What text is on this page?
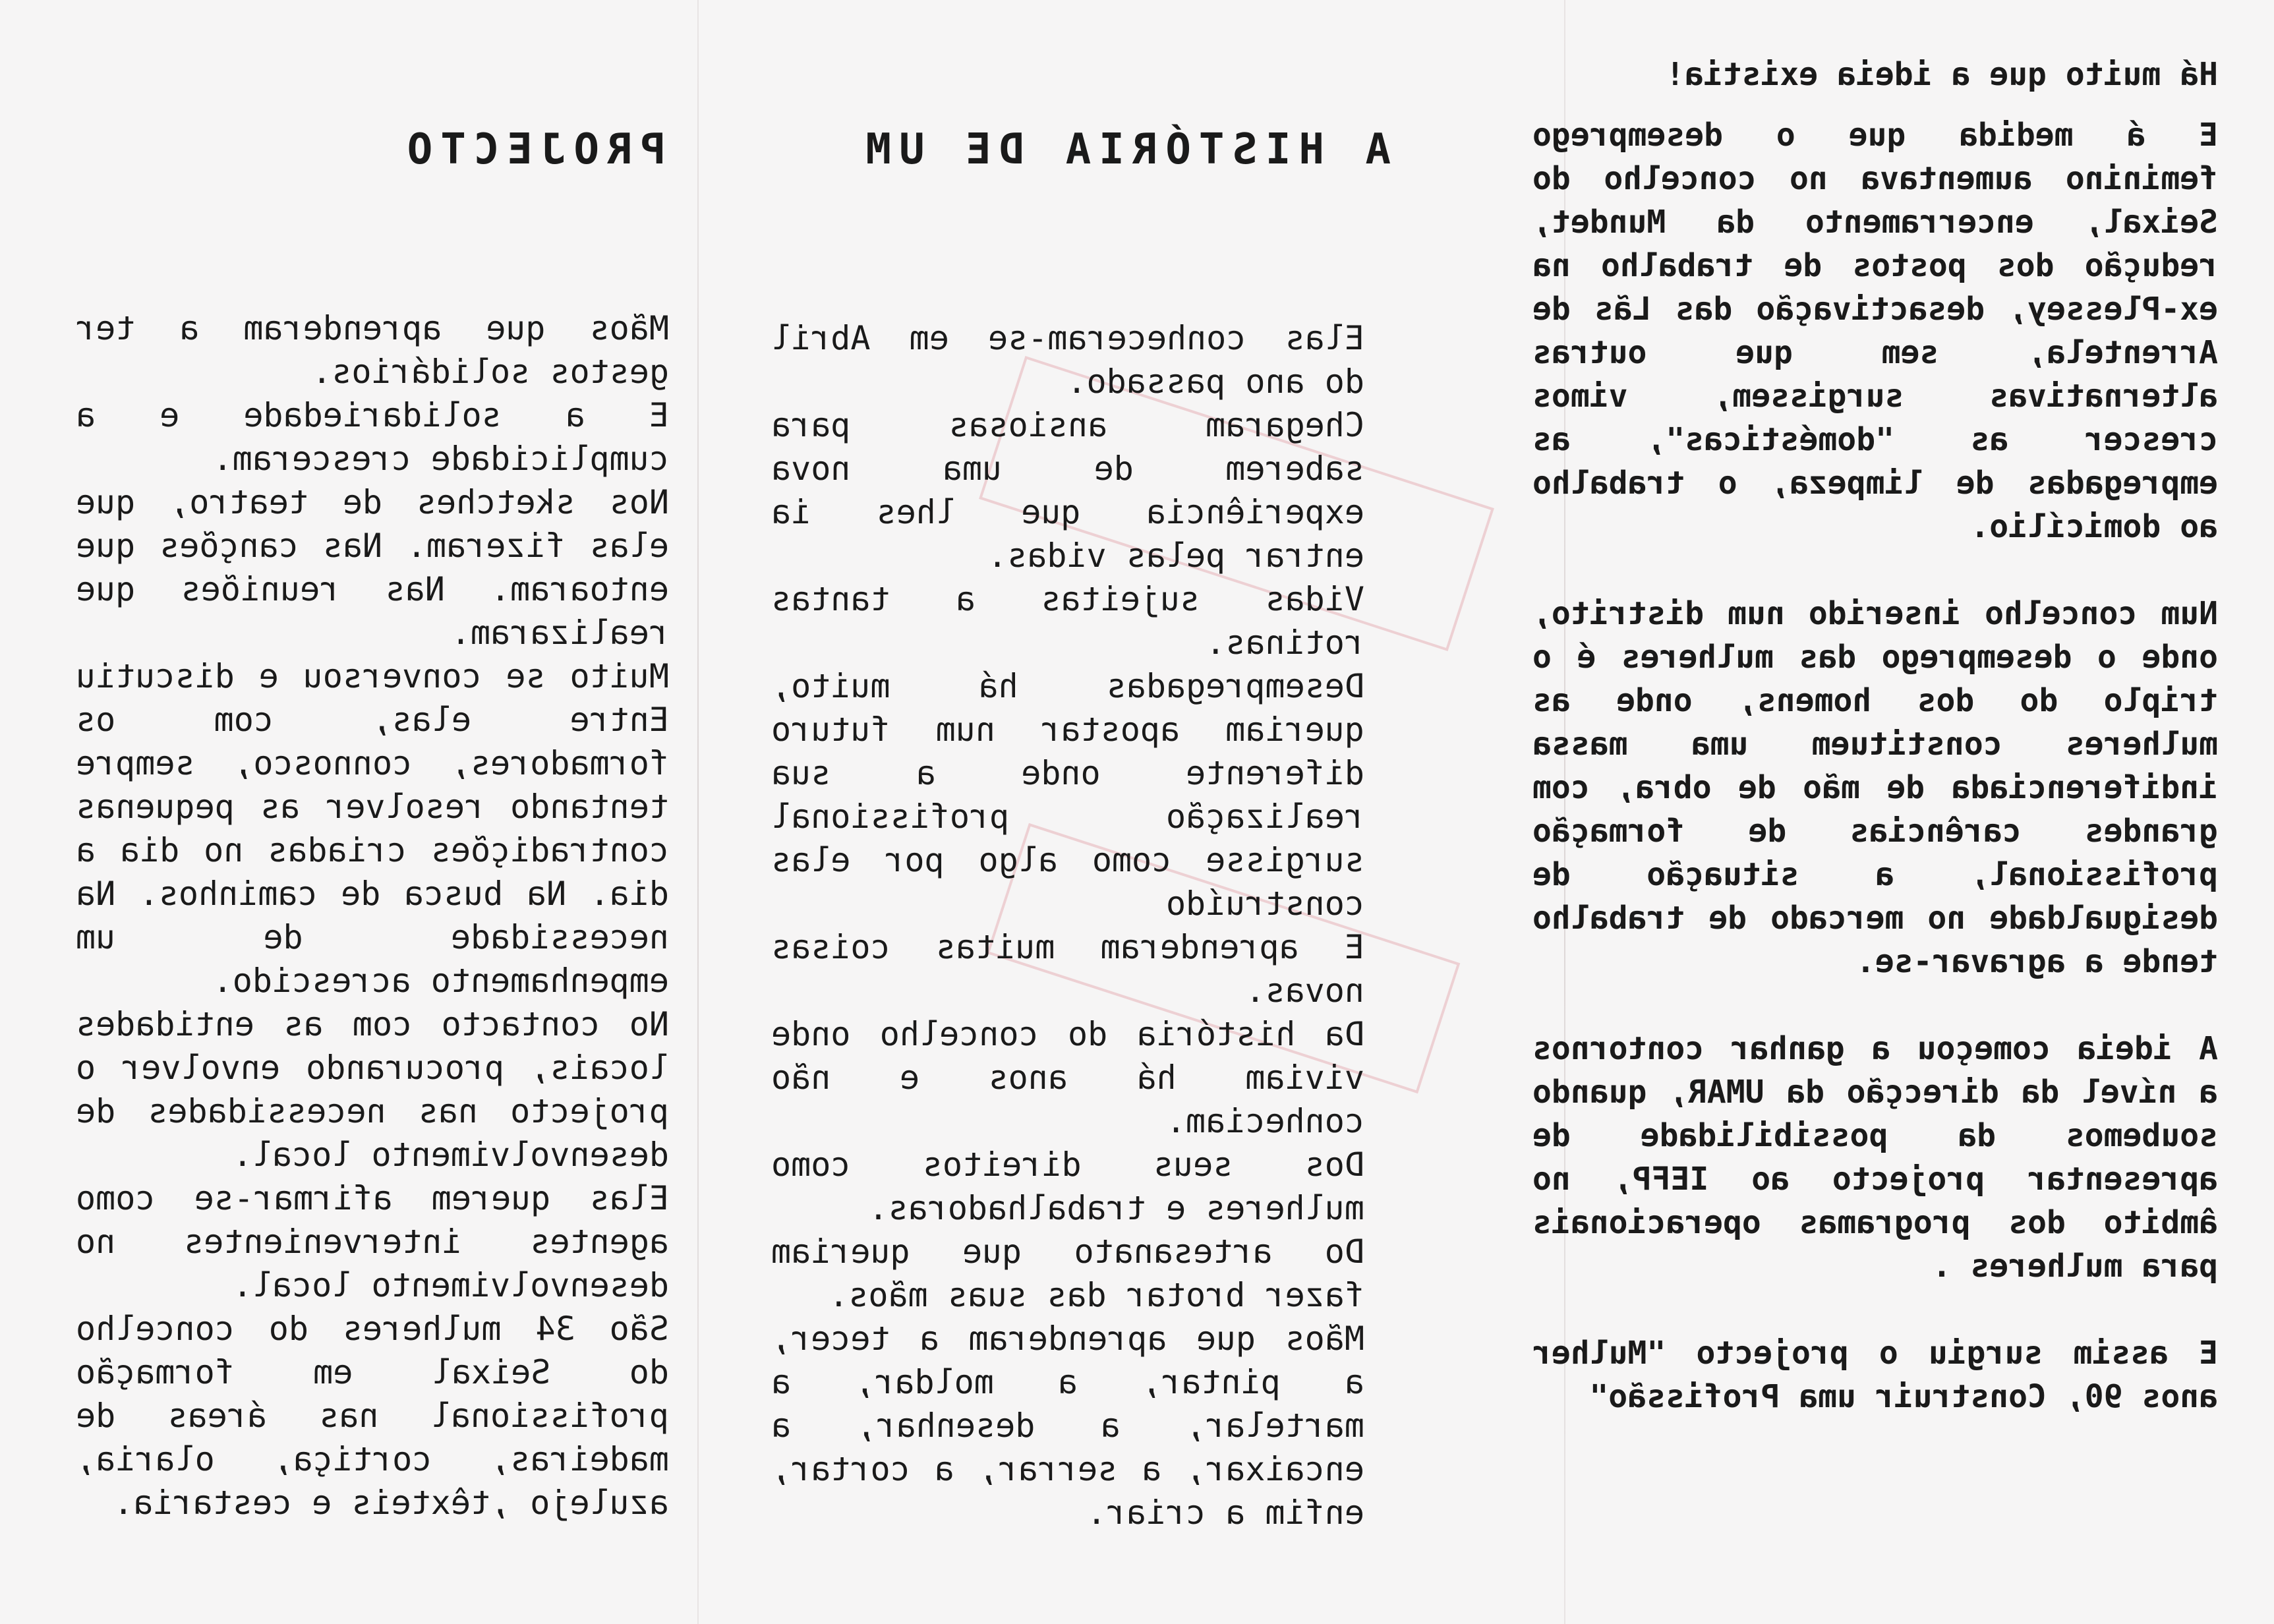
Há muito que a ideia existia!

E á medida que o desemprego feminino aumentava no concelho do Seixal, encerramento da Mundet, redução dos postos de trabalho na ex-Plessey, desactivação das Lãs de Arrentela, sem que outras alternativas surgissem, vimos crescer as "domésticas", as empregadas de limpeza, o trabalho ao domicílio.

Num concelho inserido num distrito, onde o desemprego das mulheres é o triplo do dos homens, onde as mulheres constituem uma massa indiferenciada de mão de obra, com grandes carências de formação profissional, a situação de desigualdade no mercado de trabalho tende a agravar-se.

A ideia começou a ganhar contornos a nível da direcção da UMAR, quando soubemos da possibilidade de apresentar projecto ao IEFP, no âmbito dos programas operacionais para mulheres .

E assim surgiu o projecto "Mulher anos 90, Construir uma Profissão"

A HISTÓRIA DE UM

Elas conheceram-se em Abril do ano passado.

Chegaram ansiosas para saberem de uma nova experiência que lhes ia entrar pelas vidas.

Vidas sujeitas a tantas rotinas.

Desempregadas há muito, queriam apostar num futuro diferente onde a sua realização profissional surgisse como algo por elas construído

E aprenderam muitas coisas novas.

Da história do concelho onde viviam há anos e não conheciam.

Dos seus direitos como mulheres e trabalhadoras.

Do artesanato que queriam fazer brotar das suas mãos.

Mãos que aprenderam a tecer, a pintar, a moldar, a martelar, a desenhar, a encaixar, a serrar, a cortar, enfim a criar.

PROJECTO

Mãos que aprenderam a ter gestos solidários.

E a solidariedade e a cumplicidade cresceram.

Nos sketches de teatro, que elas fizeram. Nas canções que entoaram. Nas reuniões que realizaram.

Muito se conversou e discutiu Entre elas, com os formadores, connosco, sempre tentando resolver as pequenas contradições criadas no dia a dia. Na busca de caminhos. Na necessidade de um empenhamento acrescido.

No contacto com as entidades locais, procurando envolver o projecto nas necessidades de desenvolvimento local.

Elas querem afirmar-se como agentes intervenientes no desenvolvimento local.

São 34 mulheres do concelho do Seixal em formação profissional nas áreas de madeiras, cortiça, olaria, azulejo ,têxteis e cestaria.
